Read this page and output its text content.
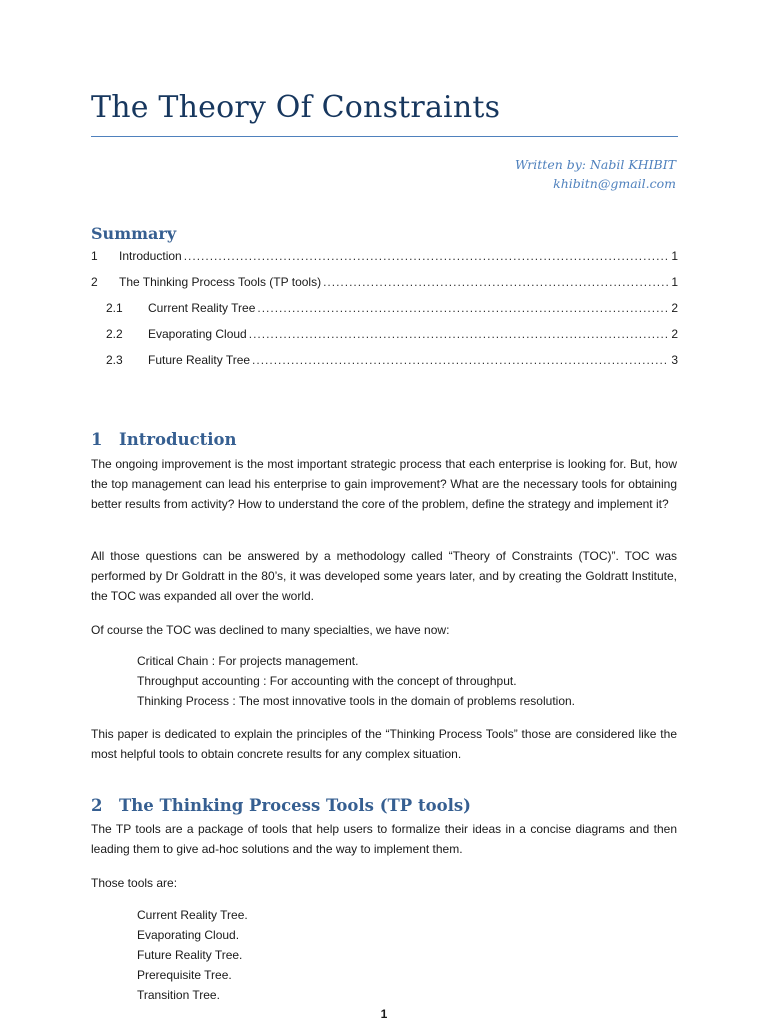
The Theory Of Constraints
Written by: Nabil KHIBIT
khibitn@gmail.com
Summary
1	Introduction .....	1
2	The Thinking Process Tools (TP tools) .....	1
2.1	Current Reality Tree .....	2
2.2	Evaporating Cloud .....	2
2.3	Future Reality Tree .....	3
1 Introduction
The ongoing improvement is the most important strategic process that each enterprise is looking for. But, how the top management can lead his enterprise to gain improvement? What are the necessary tools for obtaining better results from activity? How to understand the core of the problem, define the strategy and implement it?
All those questions can be answered by a methodology called “Theory of Constraints (TOC)”. TOC was performed by Dr Goldratt in the 80’s, it was developed some years later, and by creating the Goldratt Institute, the TOC was expanded all over the world.
Of course the TOC was declined to many specialties, we have now:
Critical Chain : For projects management.
Throughput accounting : For accounting with the concept of throughput.
Thinking Process : The most innovative tools in the domain of problems resolution.
This paper is dedicated to explain the principles of the “Thinking Process Tools” those are considered like the most helpful tools to obtain concrete results for any complex situation.
2 The Thinking Process Tools (TP tools)
The TP tools are a package of tools that help users to formalize their ideas in a concise diagrams and then leading them to give ad-hoc solutions and the way to implement them.
Those tools are:
Current Reality Tree.
Evaporating Cloud.
Future Reality Tree.
Prerequisite Tree.
Transition Tree.
1
